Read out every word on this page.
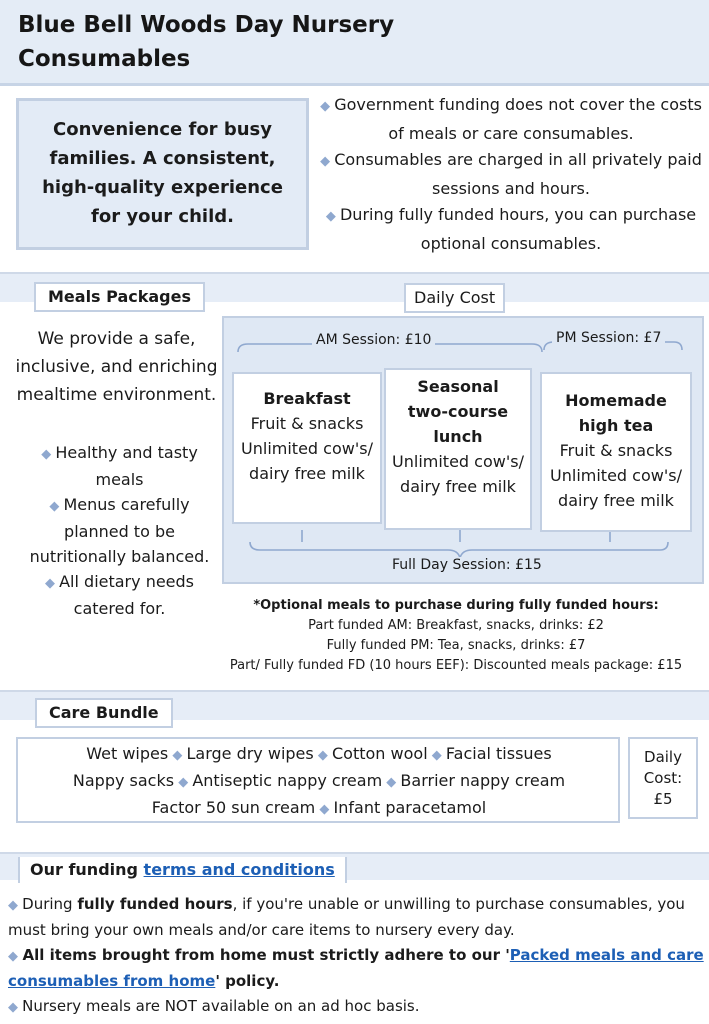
Blue Bell Woods Day Nursery
Consumables
Convenience for busy families. A consistent, high-quality experience for your child.
◆ Government funding does not cover the costs of meals or care consumables.
◆ Consumables are charged in all privately paid sessions and hours.
◆ During fully funded hours, you can purchase optional consumables.
Meals Packages	Daily Cost
We provide a safe, inclusive, and enriching mealtime environment.
◆ Healthy and tasty meals
◆ Menus carefully planned to be nutritionally balanced.
◆ All dietary needs catered for.
AM Session: £10	PM Session: £7
Full Day Session: £15
Breakfast
Fruit & snacks
Unlimited cow's/ dairy free milk
Seasonal two-course lunch
Unlimited cow's/ dairy free milk
Homemade high tea
Fruit & snacks
Unlimited cow's/ dairy free milk
*Optional meals to purchase during fully funded hours:
Part funded AM: Breakfast, snacks, drinks: £2
Fully funded PM: Tea, snacks, drinks: £7
Part/ Fully funded FD (10 hours EEF): Discounted meals package: £15
Care Bundle
Wet wipes ◆ Large dry wipes ◆ Cotton wool ◆ Facial tissues
Nappy sacks ◆ Antiseptic nappy cream ◆ Barrier nappy cream
Factor 50 sun cream ◆ Infant paracetamol
Daily
Cost:
£5
Our funding terms and conditions
◆ During fully funded hours, if you're unable or unwilling to purchase consumables, you must bring your own meals and/or care items to nursery every day.
◆ All items brought from home must strictly adhere to our 'Packed meals and care consumables from home' policy.
◆ Nursery meals are NOT available on an ad hoc basis.
